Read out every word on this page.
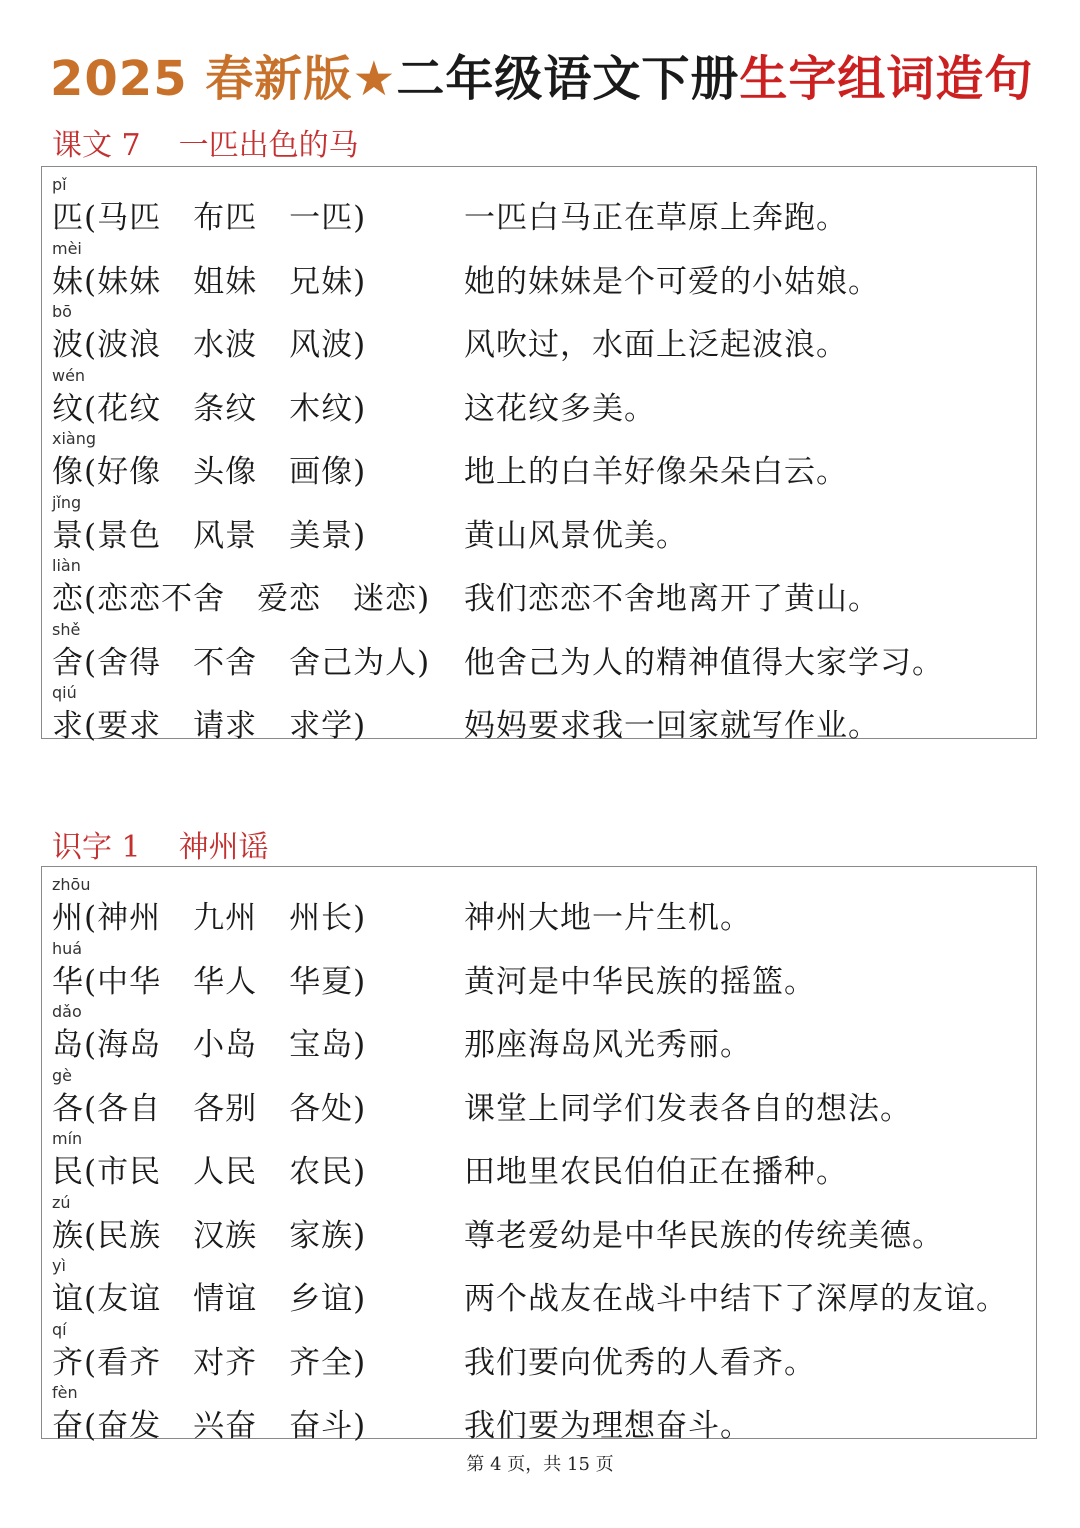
2025 春新版★二年级语文下册生字组词造句
课文 7 一匹出色的马
pǐ
匹(马匹　布匹　一匹)	一匹白马正在草原上奔跑。
mèi
妹(妹妹　姐妹　兄妹)	她的妹妹是个可爱的小姑娘。
bō
波(波浪　水波　风波)	风吹过，水面上泛起波浪。
wén
纹(花纹　条纹　木纹)	这花纹多美。
xiàng
像(好像　头像　画像)	地上的白羊好像朵朵白云。
jǐng
景(景色　风景　美景)	黄山风景优美。
liàn
恋(恋恋不舍　爱恋　迷恋) 我们恋恋不舍地离开了黄山。
shě
舍(舍得　不舍　舍己为人) 他舍己为人的精神值得大家学习。
qiú
求(要求　请求　求学)	妈妈要求我一回家就写作业。
识字 1 神州谣
zhōu
州(神州　九州　州长)	神州大地一片生机。
huá
华(中华　华人　华夏)	黄河是中华民族的摇篮。
dǎo
岛(海岛　小岛　宝岛)	那座海岛风光秀丽。
gè
各(各自　各别　各处)	课堂上同学们发表各自的想法。
mín
民(市民　人民　农民)	田地里农民伯伯正在播种。
zú
族(民族　汉族　家族)	尊老爱幼是中华民族的传统美德。
yì
谊(友谊　情谊　乡谊)	两个战友在战斗中结下了深厚的友谊。
qí
齐(看齐　对齐　齐全)	我们要向优秀的人看齐。
fèn
奋(奋发　兴奋　奋斗)	我们要为理想奋斗。
第 4 页，共 15 页
